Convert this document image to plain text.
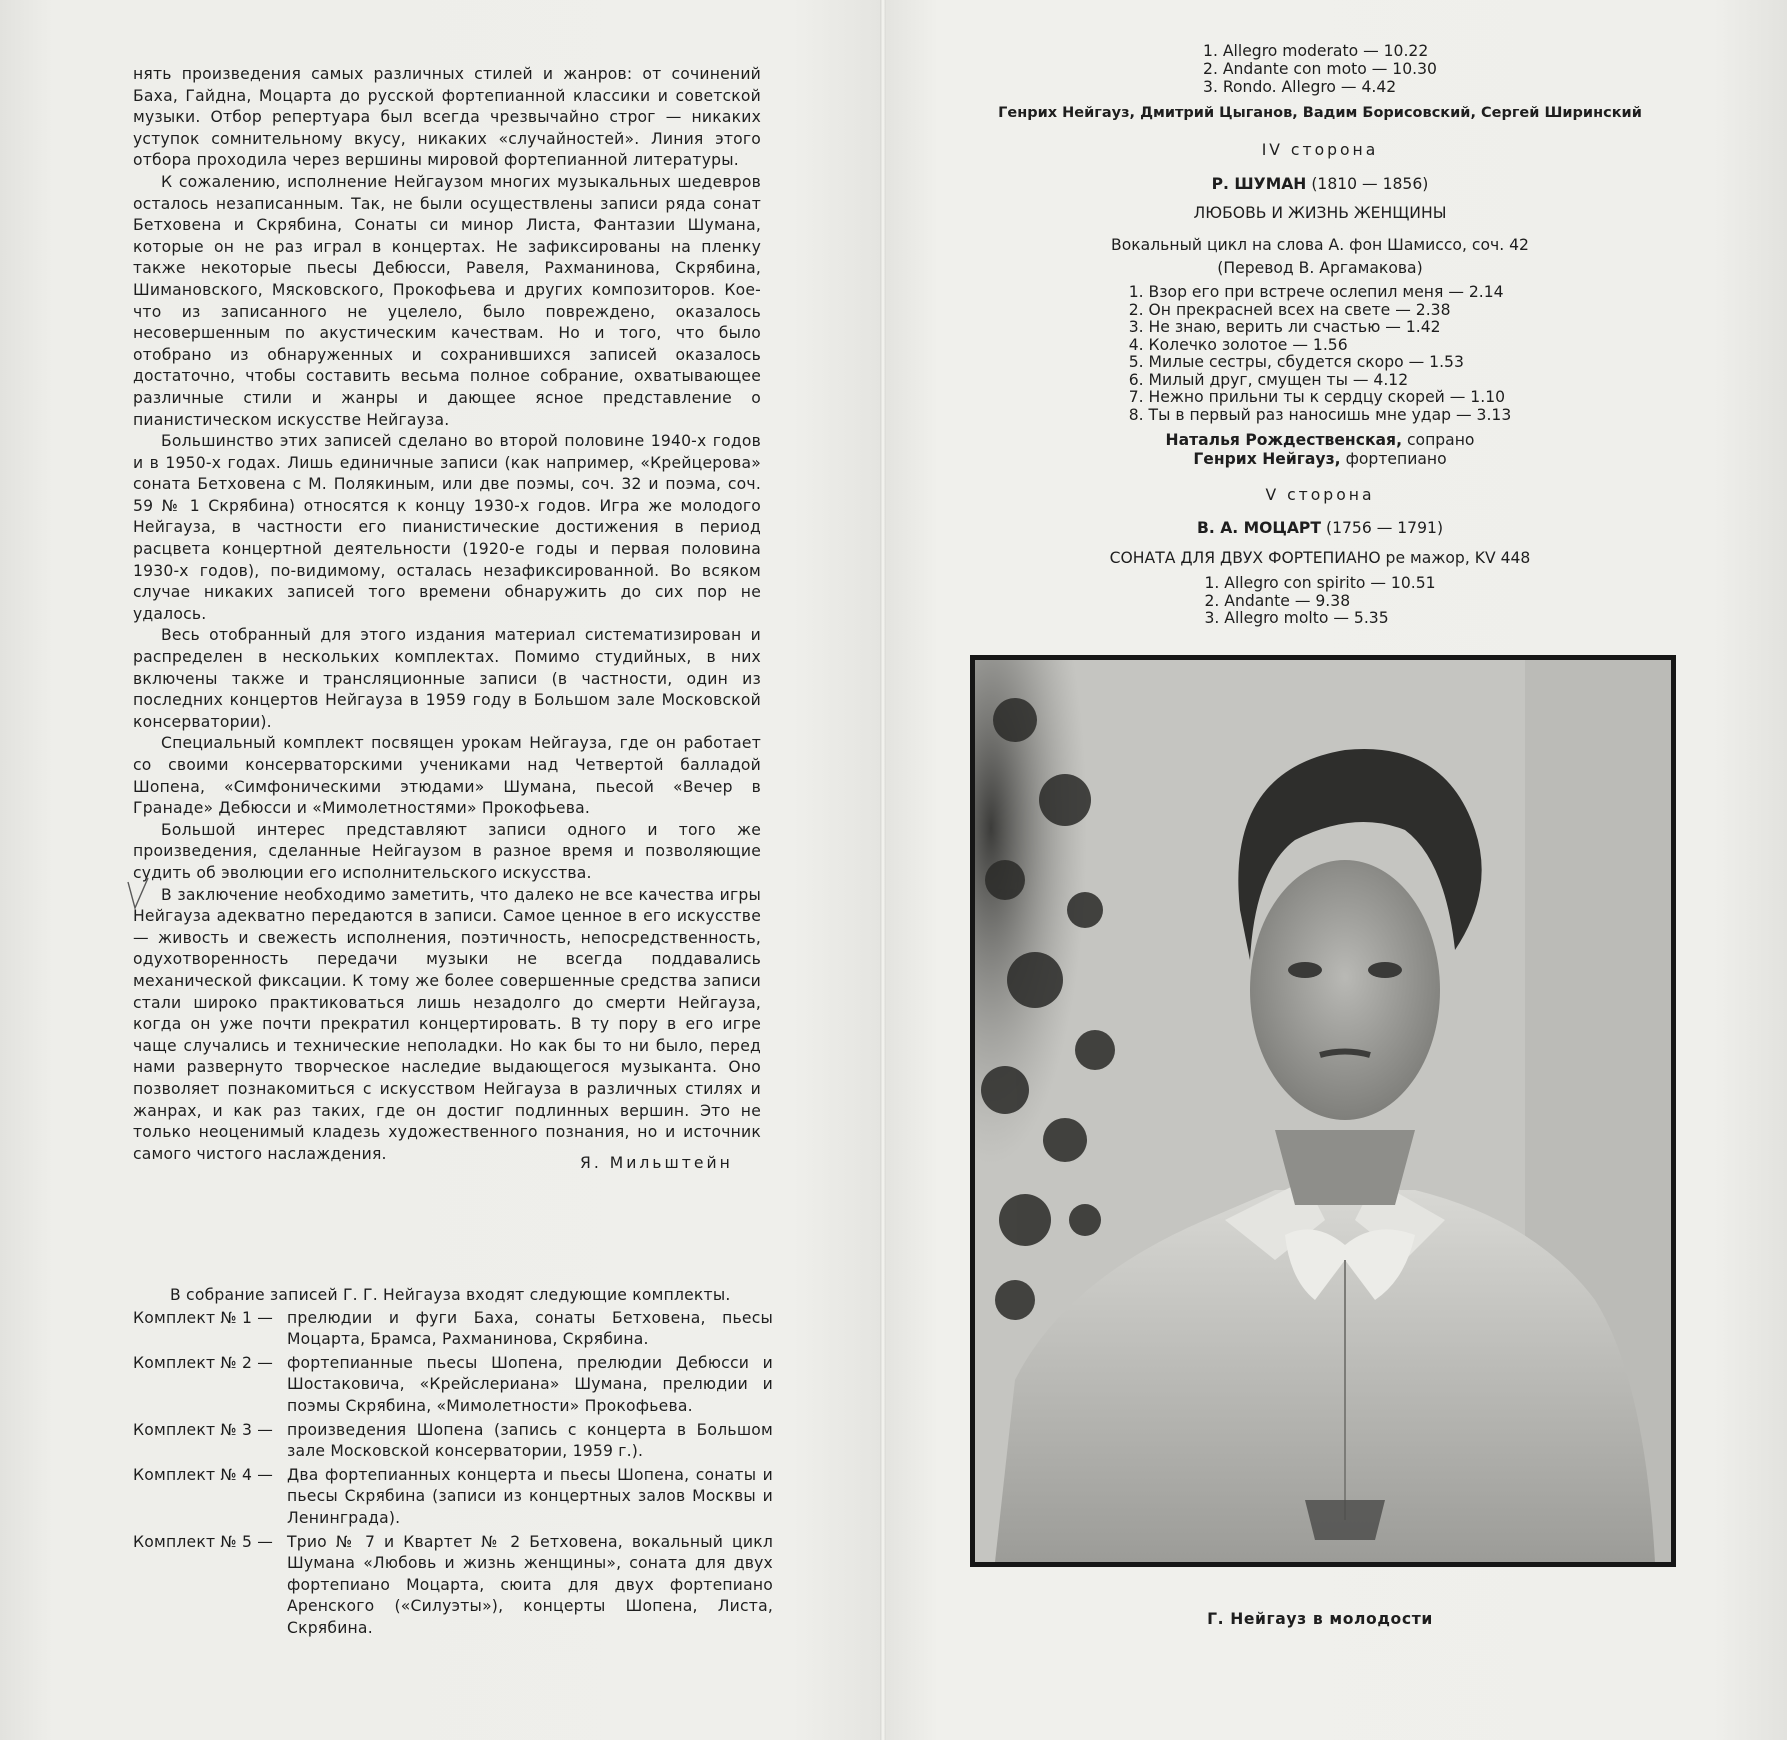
нять произведения самых различных стилей и жанров: от сочинений Баха, Гайдна, Моцарта до русской фортепианной классики и советской музыки. Отбор репертуара был всегда чрезвычайно строг — никаких уступок сомнительному вкусу, никаких «случайностей». Линия этого отбора проходила через вершины мировой фортепианной литературы.

К сожалению, исполнение Нейгаузом многих музыкальных шедевров осталось незаписанным. Так, не были осуществлены записи ряда сонат Бетховена и Скрябина, Сонаты си минор Листа, Фантазии Шумана, которые он не раз играл в концертах. Не зафиксированы на пленку также некоторые пьесы Дебюсси, Равеля, Рахманинова, Скрябина, Шимановского, Мясковского, Прокофьева и других композиторов. Кое-что из записанного не уцелело, было повреждено, оказалось несовершенным по акустическим качествам. Но и того, что было отобрано из обнаруженных и сохранившихся записей оказалось достаточно, чтобы составить весьма полное собрание, охватывающее различные стили и жанры и дающее ясное представление о пианистическом искусстве Нейгауза.

Большинство этих записей сделано во второй половине 1940-х годов и в 1950-х годах. Лишь единичные записи (как например, «Крейцерова» соната Бетховена с М. Полякиным, или две поэмы, соч. 32 и поэма, соч. 59 № 1 Скрябина) относятся к концу 1930-х годов. Игра же молодого Нейгауза, в частности его пианистические достижения в период расцвета концертной деятельности (1920-е годы и первая половина 1930-х годов), по-видимому, осталась незафиксированной. Во всяком случае никаких записей того времени обнаружить до сих пор не удалось.

Весь отобранный для этого издания материал систематизирован и распределен в нескольких комплектах. Помимо студийных, в них включены также и трансляционные записи (в частности, один из последних концертов Нейгауза в 1959 году в Большом зале Московской консерватории).

Специальный комплект посвящен урокам Нейгауза, где он работает со своими консерваторскими учениками над Четвертой балладой Шопена, «Симфоническими этюдами» Шумана, пьесой «Вечер в Гранаде» Дебюсси и «Мимолетностями» Прокофьева.

Большой интерес представляют записи одного и того же произведения, сделанные Нейгаузом в разное время и позволяющие судить об эволюции его исполнительского искусства.

В заключение необходимо заметить, что далеко не все качества игры Нейгауза адекватно передаются в записи. Самое ценное в его искусстве — живость и свежесть исполнения, поэтичность, непосредственность, одухотворенность передачи музыки не всегда поддавались механической фиксации. К тому же более совершенные средства записи стали широко практиковаться лишь незадолго до смерти Нейгауза, когда он уже почти прекратил концертировать. В ту пору в его игре чаще случались и технические неполадки. Но как бы то ни было, перед нами развернуто творческое наследие выдающегося музыканта. Оно позволяет познакомиться с искусством Нейгауза в различных стилях и жанрах, и как раз таких, где он достиг подлинных вершин. Это не только неоценимый кладезь художественного познания, но и источник самого чистого наслаждения.

Я. Мильштейн
В собрание записей Г. Г. Нейгауза входят следующие комплекты.
Комплект № 1 — прелюдии и фуги Баха, сонаты Бетховена, пьесы Моцарта, Брамса, Рахманинова, Скрябина.
Комплект № 2 — фортепианные пьесы Шопена, прелюдии Дебюсси и Шостаковича, «Крейслериана» Шумана, прелюдии и поэмы Скрябина, «Мимолетности» Прокофьева.
Комплект № 3 — произведения Шопена (запись с концерта в Большом зале Московской консерватории, 1959 г.).
Комплект № 4 — Два фортепианных концерта и пьесы Шопена, сонаты и пьесы Скрябина (записи из концертных залов Москвы и Ленинграда).
Комплект № 5 — Трио № 7 и Квартет № 2 Бетховена, вокальный цикл Шумана «Любовь и жизнь женщины», соната для двух фортепиано Моцарта, сюита для двух фортепиано Аренского («Силуэты»), концерты Шопена, Листа, Скрябина.
1. Allegro moderato — 10.22
2. Andante con moto — 10.30
3. Rondo. Allegro — 4.42
Генрих Нейгауз, Дмитрий Цыганов, Вадим Борисовский, Сергей Ширинский
IV сторона
Р. ШУМАН (1810 — 1856)
ЛЮБОВЬ И ЖИЗНЬ ЖЕНЩИНЫ
Вокальный цикл на слова А. фон Шамиссо, соч. 42
(Перевод В. Аргамакова)
1. Взор его при встрече ослепил меня — 2.14
2. Он прекрасней всех на свете — 2.38
3. Не знаю, верить ли счастью — 1.42
4. Колечко золотое — 1.56
5. Милые сестры, сбудется скоро — 1.53
6. Милый друг, смущен ты — 4.12
7. Нежно прильни ты к сердцу скорей — 1.10
8. Ты в первый раз наносишь мне удар — 3.13
Наталья Рождественская, сопрано
Генрих Нейгауз, фортепиано
V сторона
В. А. МОЦАРТ (1756 — 1791)
СОНАТА ДЛЯ ДВУХ ФОРТЕПИАНО ре мажор, KV 448
1. Allegro con spirito — 10.51
2. Andante — 9.38
3. Allegro molto — 5.35
Г. Нейгауз в молодости
